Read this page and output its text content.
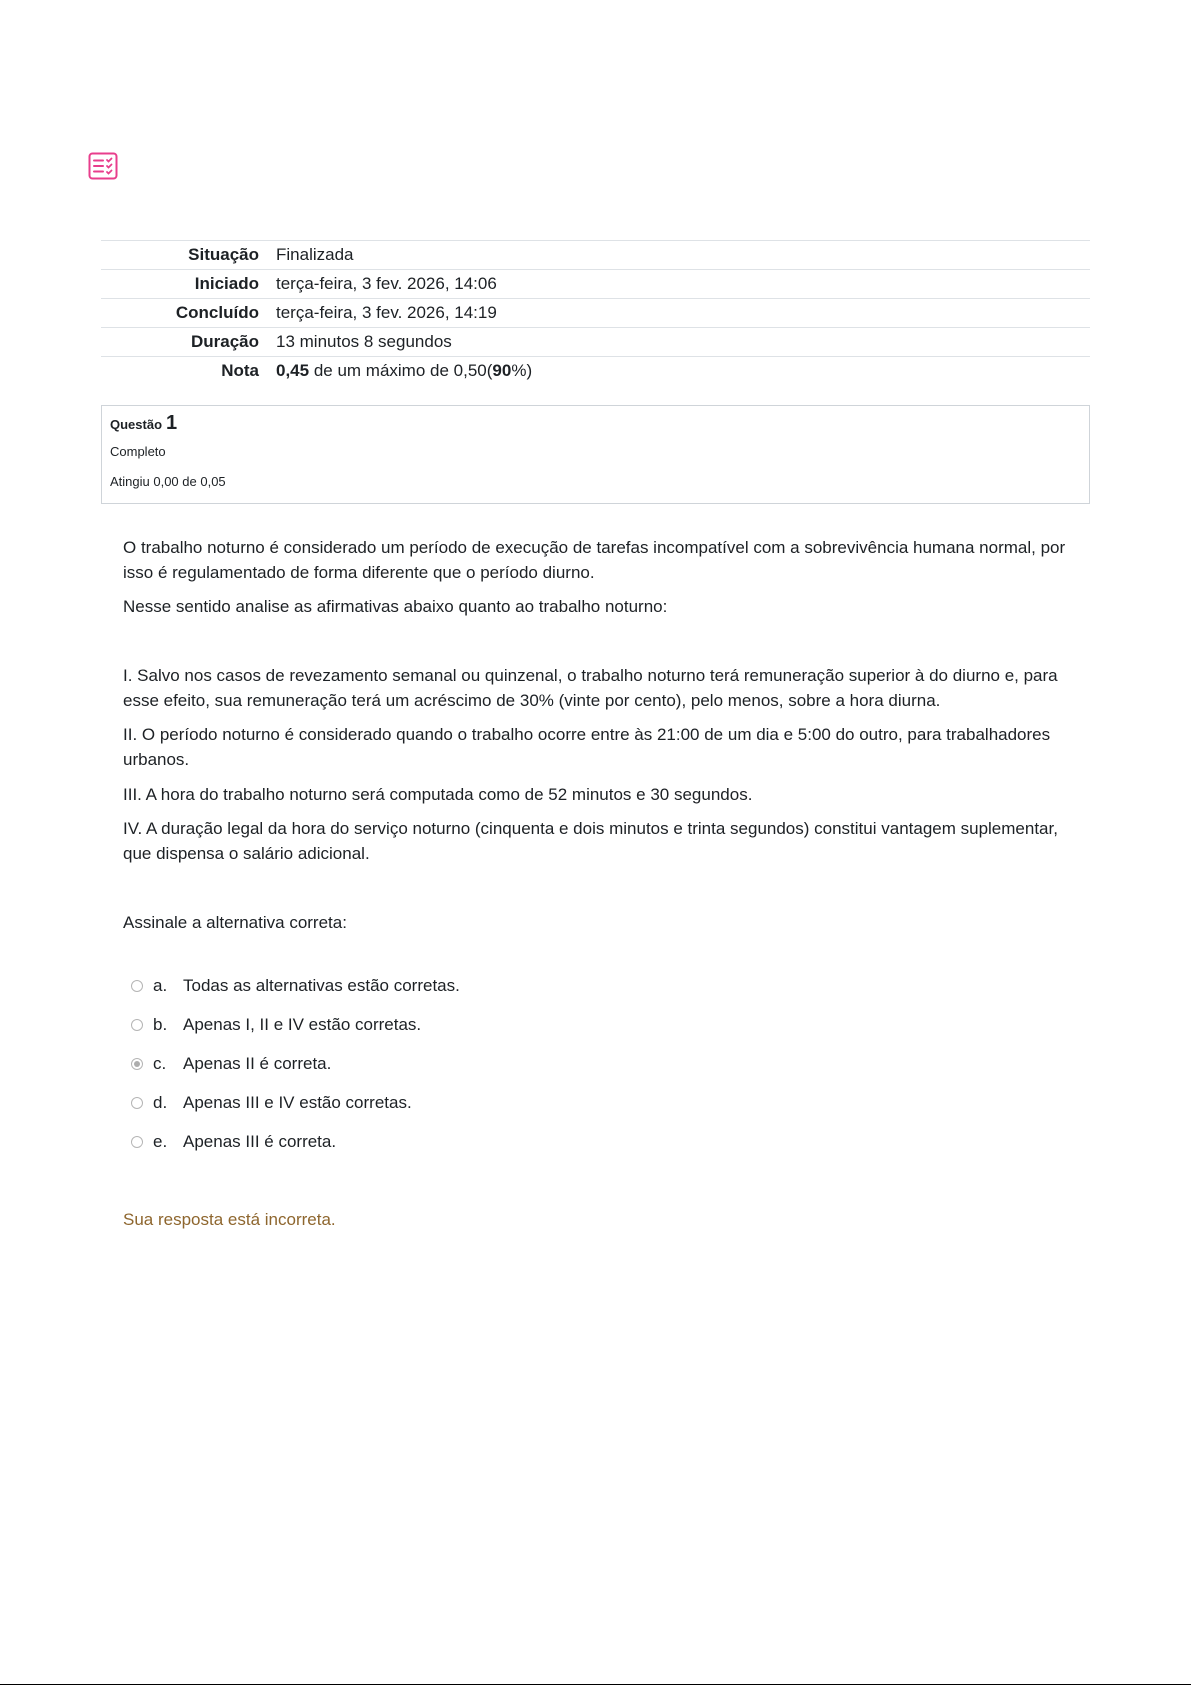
Situação	Finalizada
Iniciado	terça-feira, 3 fev. 2026, 14:06
Concluído	terça-feira, 3 fev. 2026, 14:19
Duração	13 minutos 8 segundos
Nota	0,45 de um máximo de 0,50(90%)
Questão 1
Completo
Atingiu 0,00 de 0,05

O trabalho noturno é considerado um período de execução de tarefas incompatível com a sobrevivência humana normal, por isso é regulamentado de forma diferente que o período diurno.

Nesse sentido analise as afirmativas abaixo quanto ao trabalho noturno:

I. Salvo nos casos de revezamento semanal ou quinzenal, o trabalho noturno terá remuneração superior à do diurno e, para esse efeito, sua remuneração terá um acréscimo de 30% (vinte por cento), pelo menos, sobre a hora diurna.

II. O período noturno é considerado quando o trabalho ocorre entre às 21:00 de um dia e 5:00 do outro, para trabalhadores urbanos.

III. A hora do trabalho noturno será computada como de 52 minutos e 30 segundos.

IV. A duração legal da hora do serviço noturno (cinquenta e dois minutos e trinta segundos) constitui vantagem suplementar, que dispensa o salário adicional.

Assinale a alternativa correta:

a. Todas as alternativas estão corretas.
b. Apenas I, II e IV estão corretas.
c. Apenas II é correta.
d. Apenas III e IV estão corretas.
e. Apenas III é correta.
Sua resposta está incorreta.
